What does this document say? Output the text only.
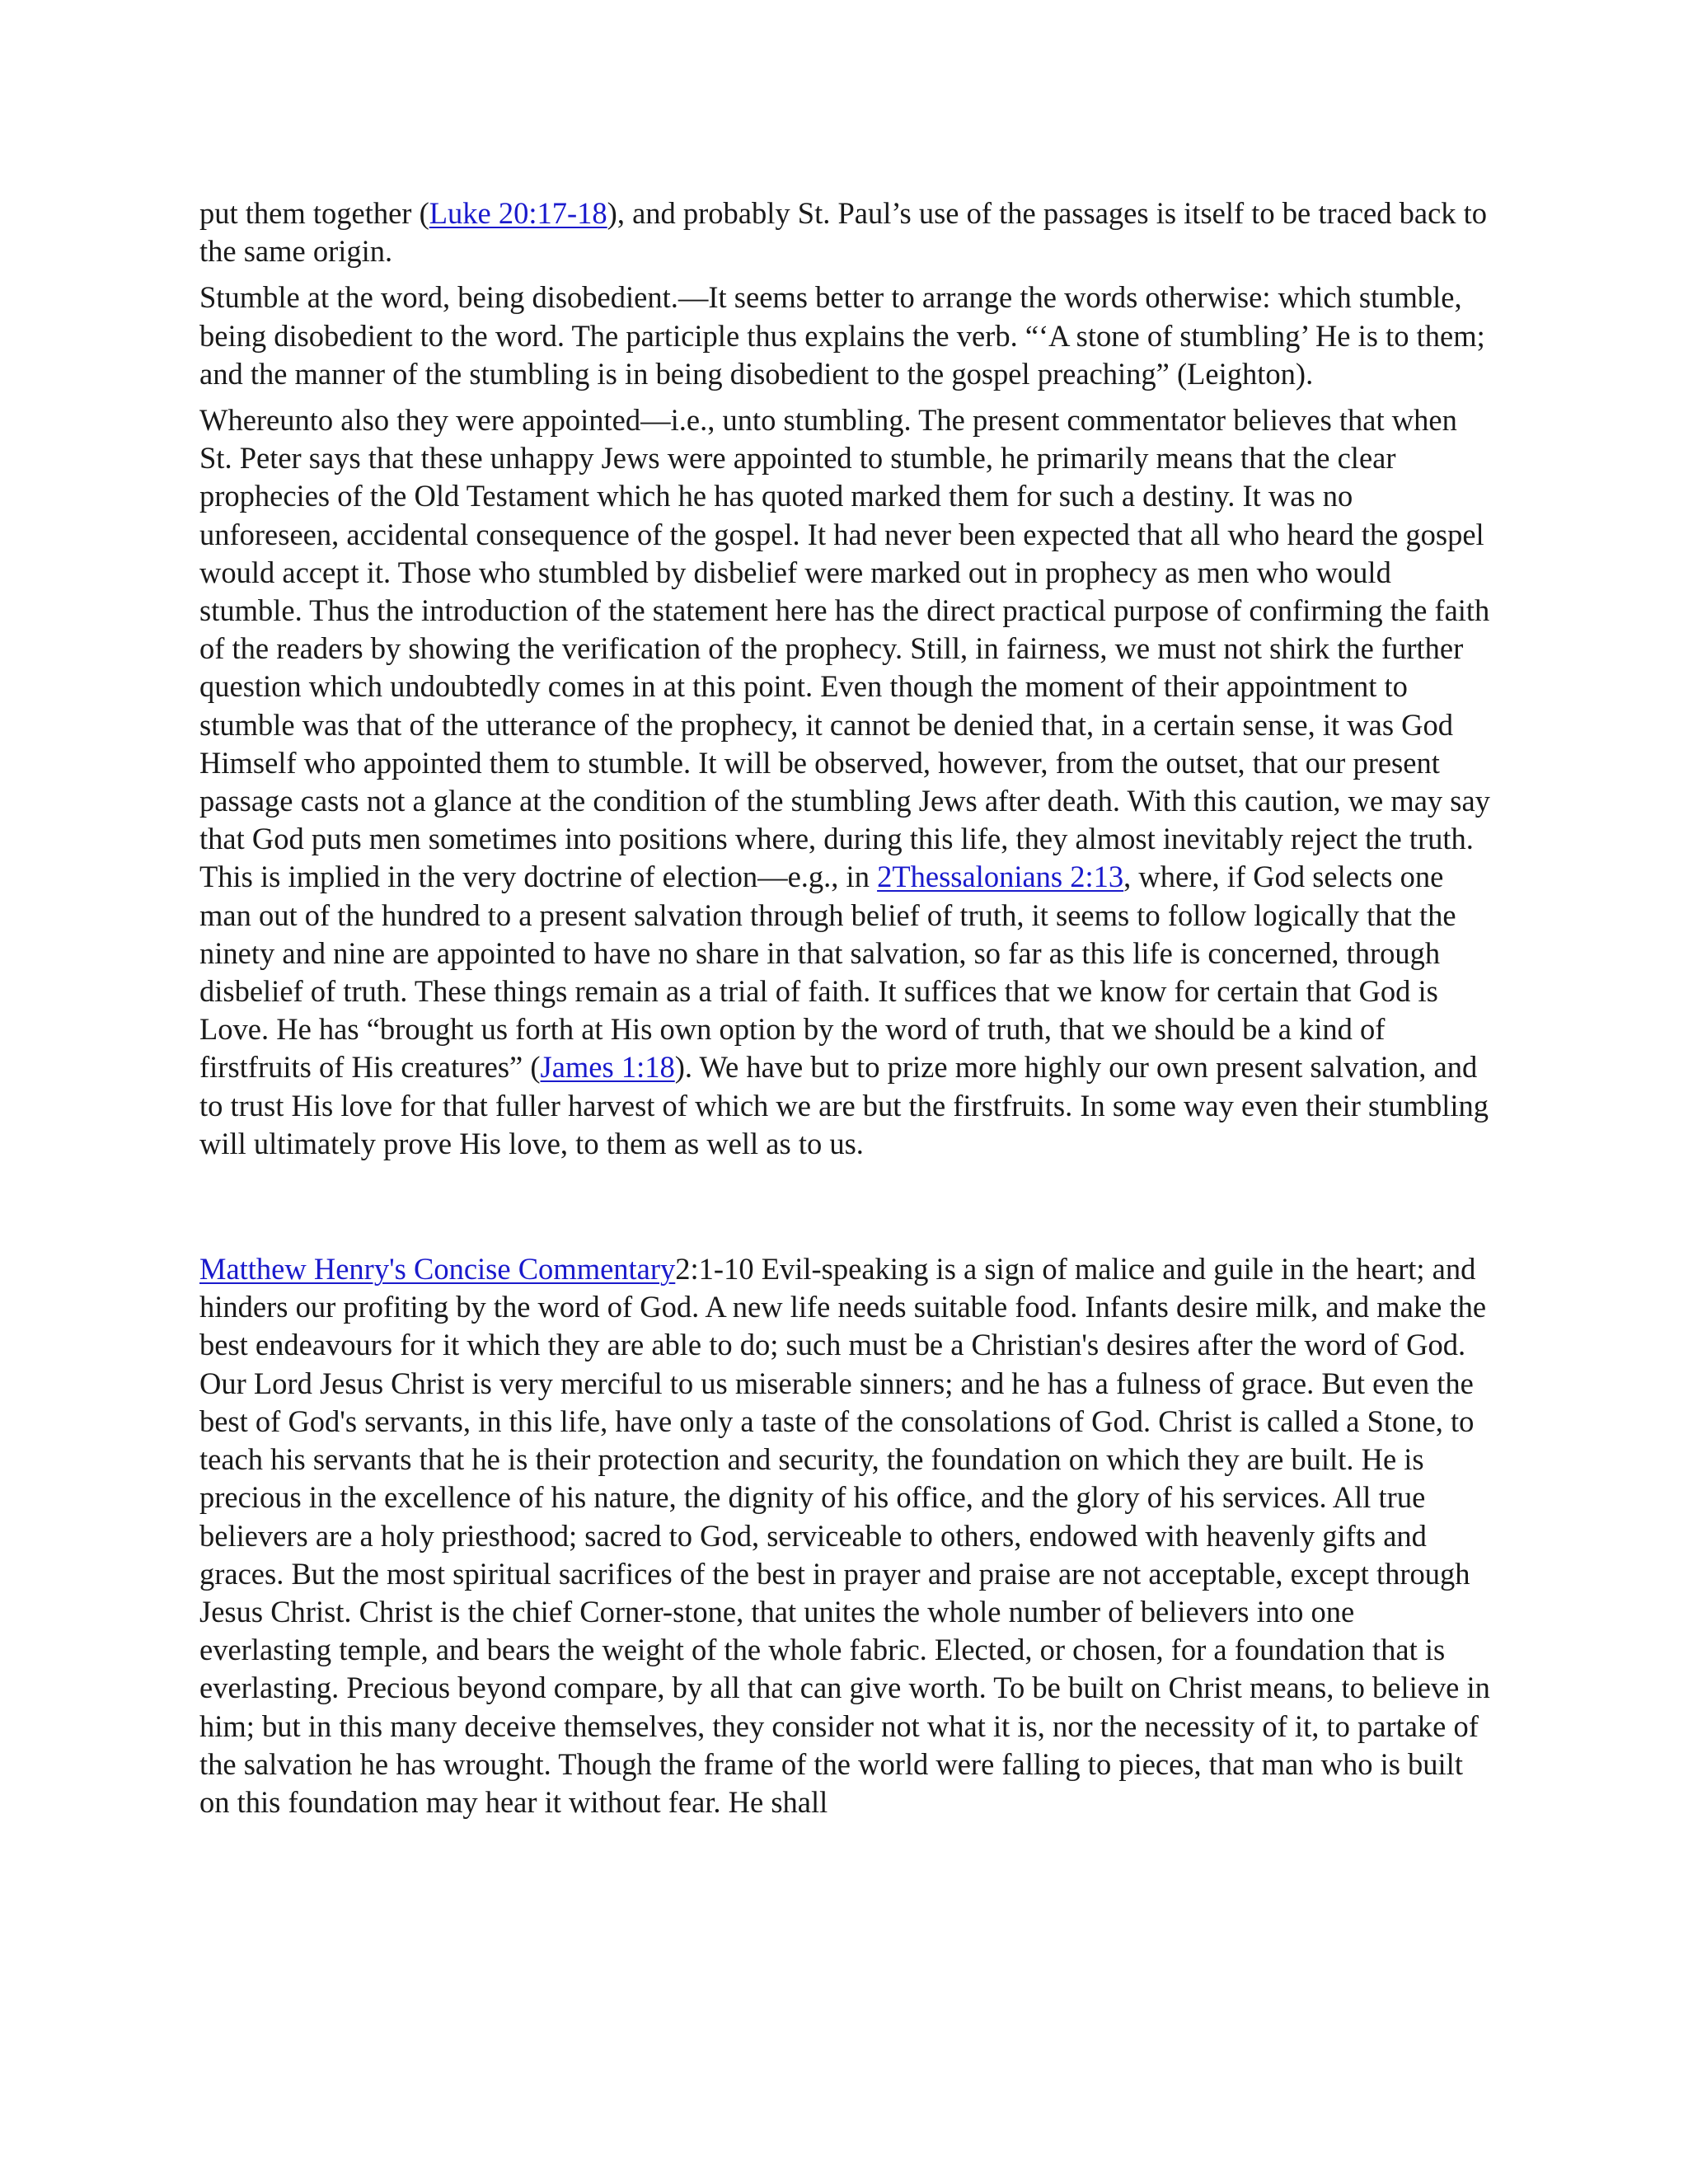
put them together (Luke 20:17-18), and probably St. Paul’s use of the passages is itself to be traced back to the same origin.

Stumble at the word, being disobedient.—It seems better to arrange the words otherwise: which stumble, being disobedient to the word. The participle thus explains the verb. “‘A stone of stumbling’ He is to them; and the manner of the stumbling is in being disobedient to the gospel preaching” (Leighton).

Whereunto also they were appointed—i.e., unto stumbling. The present commentator believes that when St. Peter says that these unhappy Jews were appointed to stumble, he primarily means that the clear prophecies of the Old Testament which he has quoted marked them for such a destiny. It was no unforeseen, accidental consequence of the gospel. It had never been expected that all who heard the gospel would accept it. Those who stumbled by disbelief were marked out in prophecy as men who would stumble. Thus the introduction of the statement here has the direct practical purpose of confirming the faith of the readers by showing the verification of the prophecy. Still, in fairness, we must not shirk the further question which undoubtedly comes in at this point. Even though the moment of their appointment to stumble was that of the utterance of the prophecy, it cannot be denied that, in a certain sense, it was God Himself who appointed them to stumble. It will be observed, however, from the outset, that our present passage casts not a glance at the condition of the stumbling Jews after death. With this caution, we may say that God puts men sometimes into positions where, during this life, they almost inevitably reject the truth. This is implied in the very doctrine of election—e.g., in 2Thessalonians 2:13, where, if God selects one man out of the hundred to a present salvation through belief of truth, it seems to follow logically that the ninety and nine are appointed to have no share in that salvation, so far as this life is concerned, through disbelief of truth. These things remain as a trial of faith. It suffices that we know for certain that God is Love. He has “brought us forth at His own option by the word of truth, that we should be a kind of firstfruits of His creatures” (James 1:18). We have but to prize more highly our own present salvation, and to trust His love for that fuller harvest of which we are but the firstfruits. In some way even their stumbling will ultimately prove His love, to them as well as to us.

Matthew Henry's Concise Commentary2:1-10 Evil-speaking is a sign of malice and guile in the heart; and hinders our profiting by the word of God. A new life needs suitable food. Infants desire milk, and make the best endeavours for it which they are able to do; such must be a Christian's desires after the word of God. Our Lord Jesus Christ is very merciful to us miserable sinners; and he has a fulness of grace. But even the best of God's servants, in this life, have only a taste of the consolations of God. Christ is called a Stone, to teach his servants that he is their protection and security, the foundation on which they are built. He is precious in the excellence of his nature, the dignity of his office, and the glory of his services. All true believers are a holy priesthood; sacred to God, serviceable to others, endowed with heavenly gifts and graces. But the most spiritual sacrifices of the best in prayer and praise are not acceptable, except through Jesus Christ. Christ is the chief Corner-stone, that unites the whole number of believers into one everlasting temple, and bears the weight of the whole fabric. Elected, or chosen, for a foundation that is everlasting. Precious beyond compare, by all that can give worth. To be built on Christ means, to believe in him; but in this many deceive themselves, they consider not what it is, nor the necessity of it, to partake of the salvation he has wrought. Though the frame of the world were falling to pieces, that man who is built on this foundation may hear it without fear. He shall
